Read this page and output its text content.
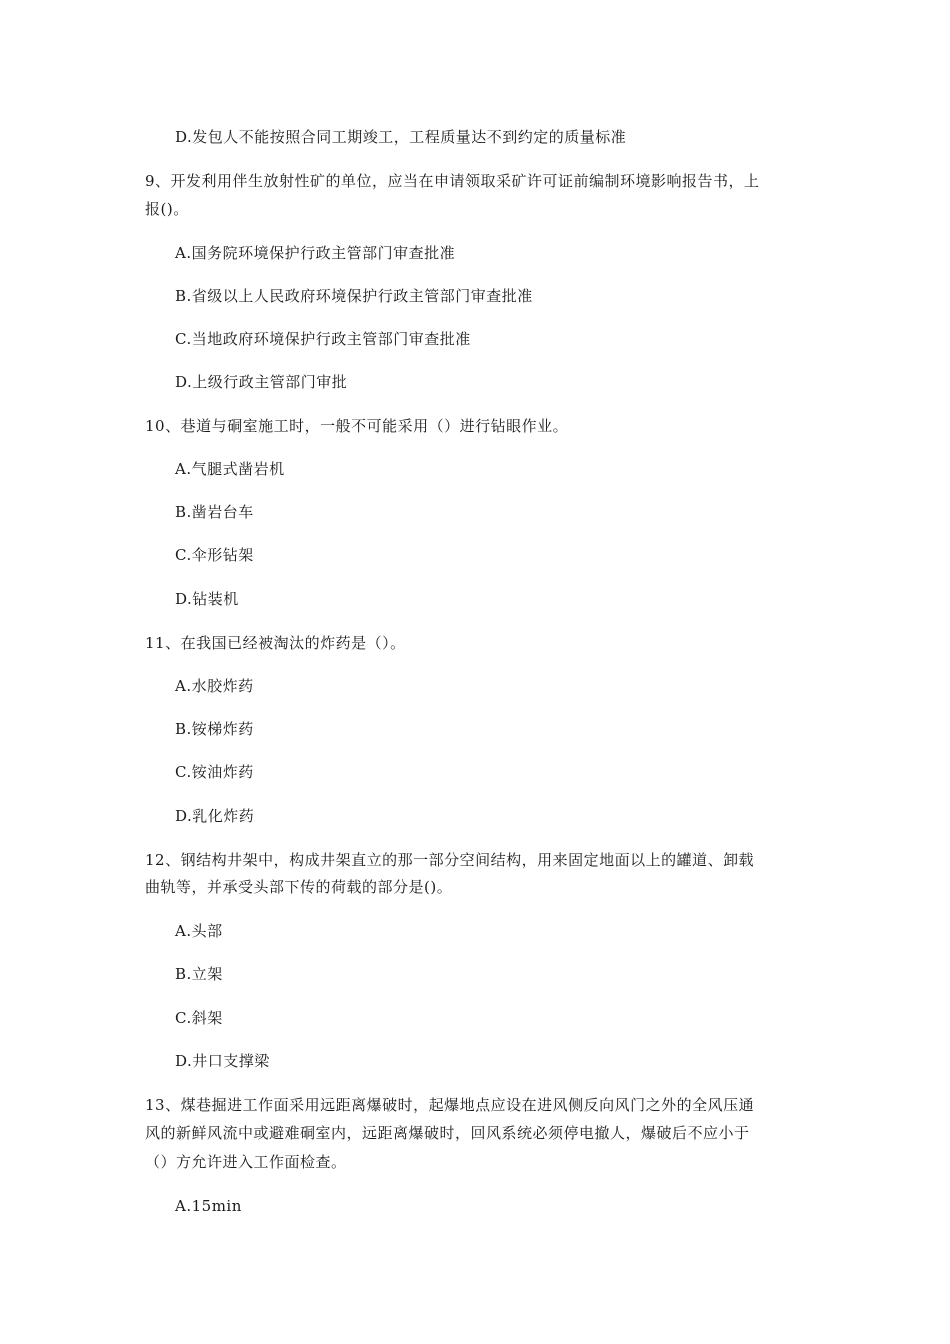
D.发包人不能按照合同工期竣工，工程质量达不到约定的质量标准
9、开发利用伴生放射性矿的单位，应当在申请领取采矿许可证前编制环境影响报告书，上
报()。
A.国务院环境保护行政主管部门审查批准
B.省级以上人民政府环境保护行政主管部门审查批准
C.当地政府环境保护行政主管部门审查批准
D.上级行政主管部门审批
10、巷道与硐室施工时，一般不可能采用（）进行钻眼作业。
A.气腿式凿岩机
B.凿岩台车
C.伞形钻架
D.钻装机
11、在我国已经被淘汰的炸药是（）。
A.水胶炸药
B.铵梯炸药
C.铵油炸药
D.乳化炸药
12、钢结构井架中，构成井架直立的那一部分空间结构，用来固定地面以上的罐道、卸载
曲轨等，并承受头部下传的荷载的部分是()。
A.头部
B.立架
C.斜架
D.井口支撑梁
13、煤巷掘进工作面采用远距离爆破时，起爆地点应设在进风侧反向风门之外的全风压通
风的新鲜风流中或避难硐室内，远距离爆破时，回风系统必须停电撤人，爆破后不应小于
（）方允许进入工作面检查。
A.15min
